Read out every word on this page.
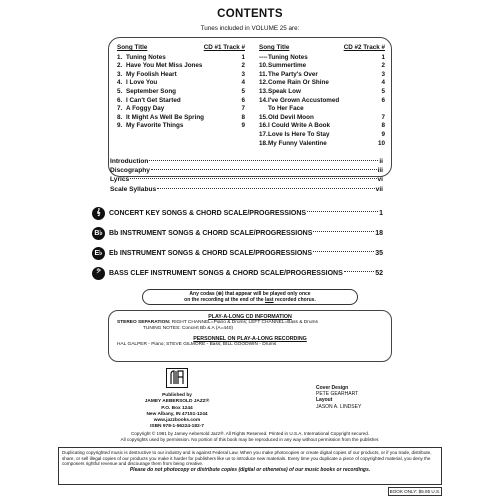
CONTENTS
Tunes included in VOLUME 25 are:
Song Title	CD #1 Track #
1. Tuning Notes	1
2. Have You Met Miss Jones	2
3. My Foolish Heart	3
4. I Love You	4
5. September Song	5
6. I Can't Get Started	6
7. A Foggy Day	7
8. It Might As Well Be Spring	8
9. My Favorite Things	9
Song Title	CD #2 Track #
---- Tuning Notes	1
10. Summertime	2
11. The Party's Over	3
12. Come Rain Or Shine	4
13. Speak Low	5
14. I've Grown Accustomed	6
To Her Face
15. Old Devil Moon	7
16. I Could Write A Book	8
17. Love Is Here To Stay	9
18. My Funny Valentine	10
Introduction	ii
Discography	iii
Lyrics	vi
Scale Syllabus	vii
𝄞	CONCERT KEY SONGS & CHORD SCALE/PROGRESSIONS	1
B♭ Bb INSTRUMENT SONGS & CHORD SCALE/PROGRESSIONS	18
E♭ Eb INSTRUMENT SONGS & CHORD SCALE/PROGRESSIONS	35
𝄢	BASS CLEF INSTRUMENT SONGS & CHORD SCALE/PROGRESSIONS	52
Any codas (⊕) that appear will be played only once
on the recording at the end of the last recorded chorus.
PLAY-A-LONG CD INFORMATION
STEREO SEPARATION: RIGHT CHANNEL=Piano & Drums; LEFT CHANNEL=Bass & Drums
TUNING NOTES: Concert Bb & A (A=440)
PERSONNEL ON PLAY-A-LONG RECORDING
HAL GALPER - Piano; STEVE GILMORE - Bass; BILL GOODWIN - Drums
Published by
JAMEY AEBERSOLD JAZZ®
P.O. Box 1244
New Albany, IN 47151-1244
www.jazzbooks.com
ISBN 978-1-56224-182-7
Cover Design
PETE GEARHART
Layout
JASON A. LINDSEY
Copyright © 1981 by Jamey Aebersold Jazz®. All Rights Reserved. Printed in U.S.A. International Copyright secured.
All copyrights used by permission. No portion of this book may be reproduced in any way without permission from the publisher.
Duplicating copyrighted music is destructive to our industry and is against Federal Law. When you make photocopies or create digital copies of our products, or if you trade, distribute, share, or sell illegal copies of our products you make it harder for publishers like us to introduce new materials. Every time you duplicate a piece of copyrighted material, you deny the composers rightful revenue and discourage them from being creative.
Please do not photocopy or distribute copies (digital or otherwise) of our music books or recordings.
BOOK ONLY: $5.95 U.S.
